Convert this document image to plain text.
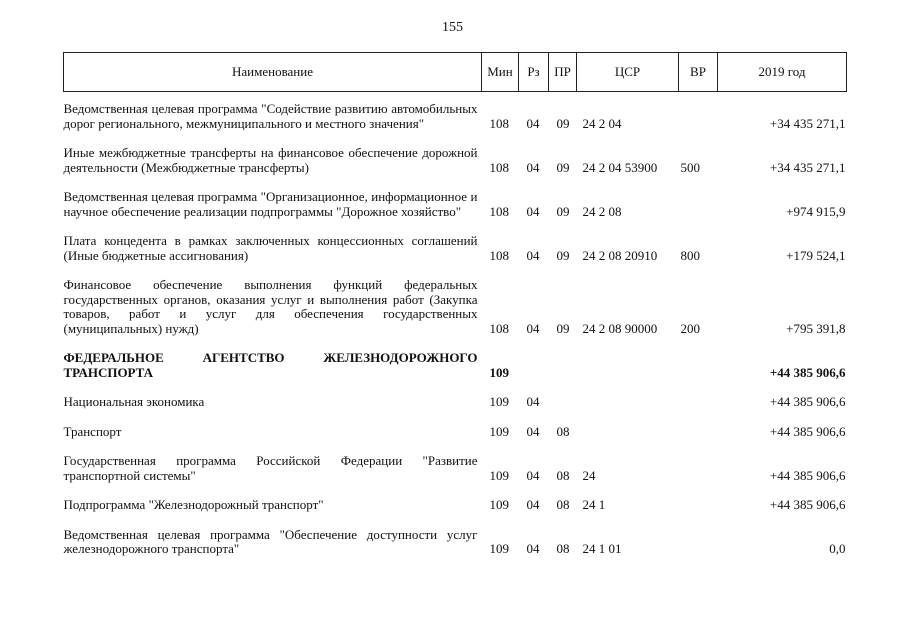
155
Наименование	Мин	Рз	ПР	ЦСР	ВР	2019 год
Ведомственная целевая программа "Содействие развитию автомобильных дорог регионального, межмуниципального и местного значения"	108	04	09	24 2 04		+34 435 271,1
Иные межбюджетные трансферты на финансовое обеспечение дорожной деятельности (Межбюджетные трансферты)	108	04	09	24 2 04 53900	500	+34 435 271,1
Ведомственная целевая программа "Организационное, информационное и научное обеспечение реализации подпрограммы "Дорожное хозяйство"	108	04	09	24 2 08		+974 915,9
Плата концедента в рамках заключенных концессионных соглашений (Иные бюджетные ассигнования)	108	04	09	24 2 08 20910	800	+179 524,1
Финансовое обеспечение выполнения функций федеральных государственных органов, оказания услуг и выполнения работ (Закупка товаров, работ и услуг для обеспечения государственных (муниципальных) нужд)	108	04	09	24 2 08 90000	200	+795 391,8
ФЕДЕРАЛЬНОЕ АГЕНТСТВО ЖЕЛЕЗНОДОРОЖНОГО ТРАНСПОРТА	109					+44 385 906,6
Национальная экономика	109	04				+44 385 906,6
Транспорт	109	04	08			+44 385 906,6
Государственная программа Российской Федерации "Развитие транспортной системы"	109	04	08	24		+44 385 906,6
Подпрограмма "Железнодорожный транспорт"	109	04	08	24 1		+44 385 906,6
Ведомственная целевая программа "Обеспечение доступности услуг железнодорожного транспорта"	109	04	08	24 1 01		0,0
